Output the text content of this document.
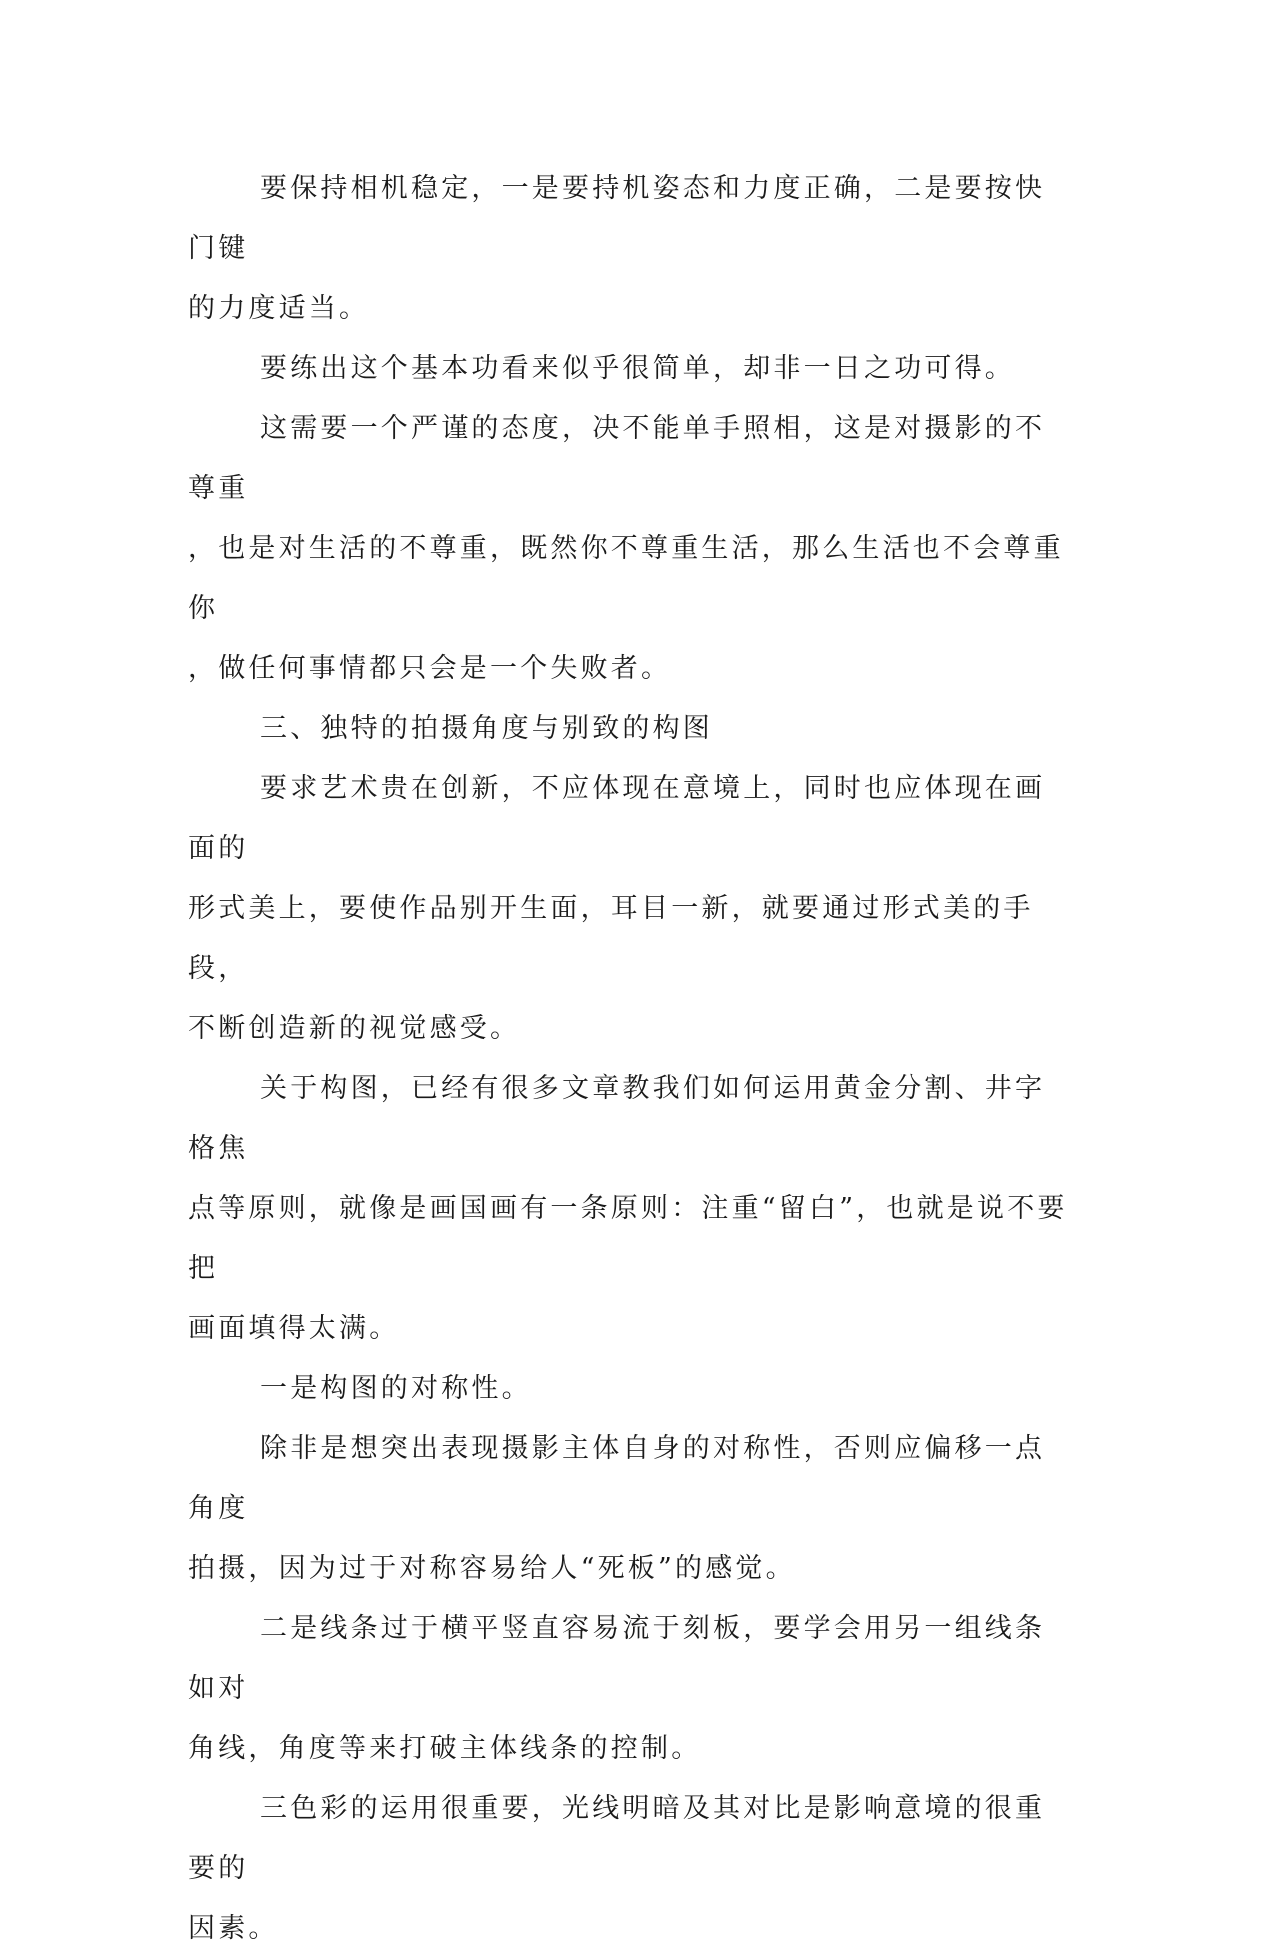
要保持相机稳定，一是要持机姿态和力度正确，二是要按快门键
的力度适当。

要练出这个基本功看来似乎很简单，却非一日之功可得。

这需要一个严谨的态度，决不能单手照相，这是对摄影的不尊重
，也是对生活的不尊重，既然你不尊重生活，那么生活也不会尊重你
，做任何事情都只会是一个失败者。

三、独特的拍摄角度与别致的构图

要求艺术贵在创新，不应体现在意境上，同时也应体现在画面的
形式美上，要使作品别开生面，耳目一新，就要通过形式美的手段，
不断创造新的视觉感受。

关于构图，已经有很多文章教我们如何运用黄金分割、井字格焦
点等原则，就像是画国画有一条原则：注重“留白”，也就是说不要把
画面填得太满。

一是构图的对称性。

除非是想突出表现摄影主体自身的对称性，否则应偏移一点角度
拍摄，因为过于对称容易给人“死板”的感觉。

二是线条过于横平竖直容易流于刻板，要学会用另一组线条如对
角线，角度等来打破主体线条的控制。

三色彩的运用很重要，光线明暗及其对比是影响意境的很重要的
因素。
